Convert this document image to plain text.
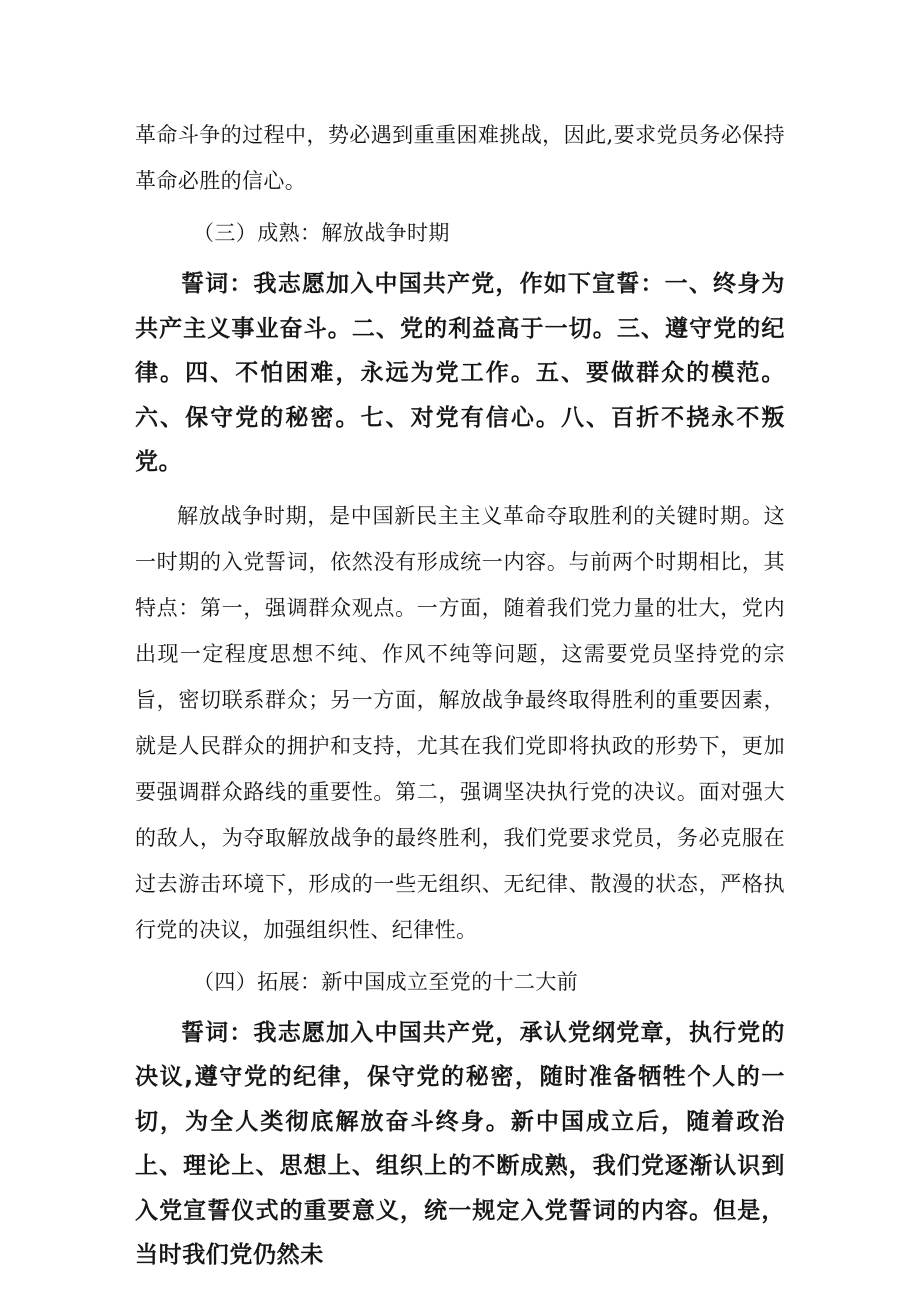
革命斗争的过程中，势必遇到重重困难挑战，因此,要求党员务必保持革命必胜的信心。

（三）成熟：解放战争时期

誓词：我志愿加入中国共产党，作如下宣誓：一、终身为共产主义事业奋斗。二、党的利益高于一切。三、遵守党的纪律。四、不怕困难，永远为党工作。五、要做群众的模范。六、保守党的秘密。七、对党有信心。八、百折不挠永不叛党。

解放战争时期，是中国新民主主义革命夺取胜利的关键时期。这一时期的入党誓词，依然没有形成统一内容。与前两个时期相比，其特点：第一，强调群众观点。一方面，随着我们党力量的壮大，党内出现一定程度思想不纯、作风不纯等问题，这需要党员坚持党的宗旨，密切联系群众；另一方面，解放战争最终取得胜利的重要因素，就是人民群众的拥护和支持，尤其在我们党即将执政的形势下，更加要强调群众路线的重要性。第二，强调坚决执行党的决议。面对强大的敌人，为夺取解放战争的最终胜利，我们党要求党员，务必克服在过去游击环境下，形成的一些无组织、无纪律、散漫的状态，严格执行党的决议，加强组织性、纪律性。

（四）拓展：新中国成立至党的十二大前

誓词：我志愿加入中国共产党，承认党纲党章，执行党的决议,遵守党的纪律，保守党的秘密，随时准备牺牲个人的一切，为全人类彻底解放奋斗终身。新中国成立后，随着政治上、理论上、思想上、组织上的不断成熟，我们党逐渐认识到入党宣誓仪式的重要意义，统一规定入党誓词的内容。但是，当时我们党仍然未
